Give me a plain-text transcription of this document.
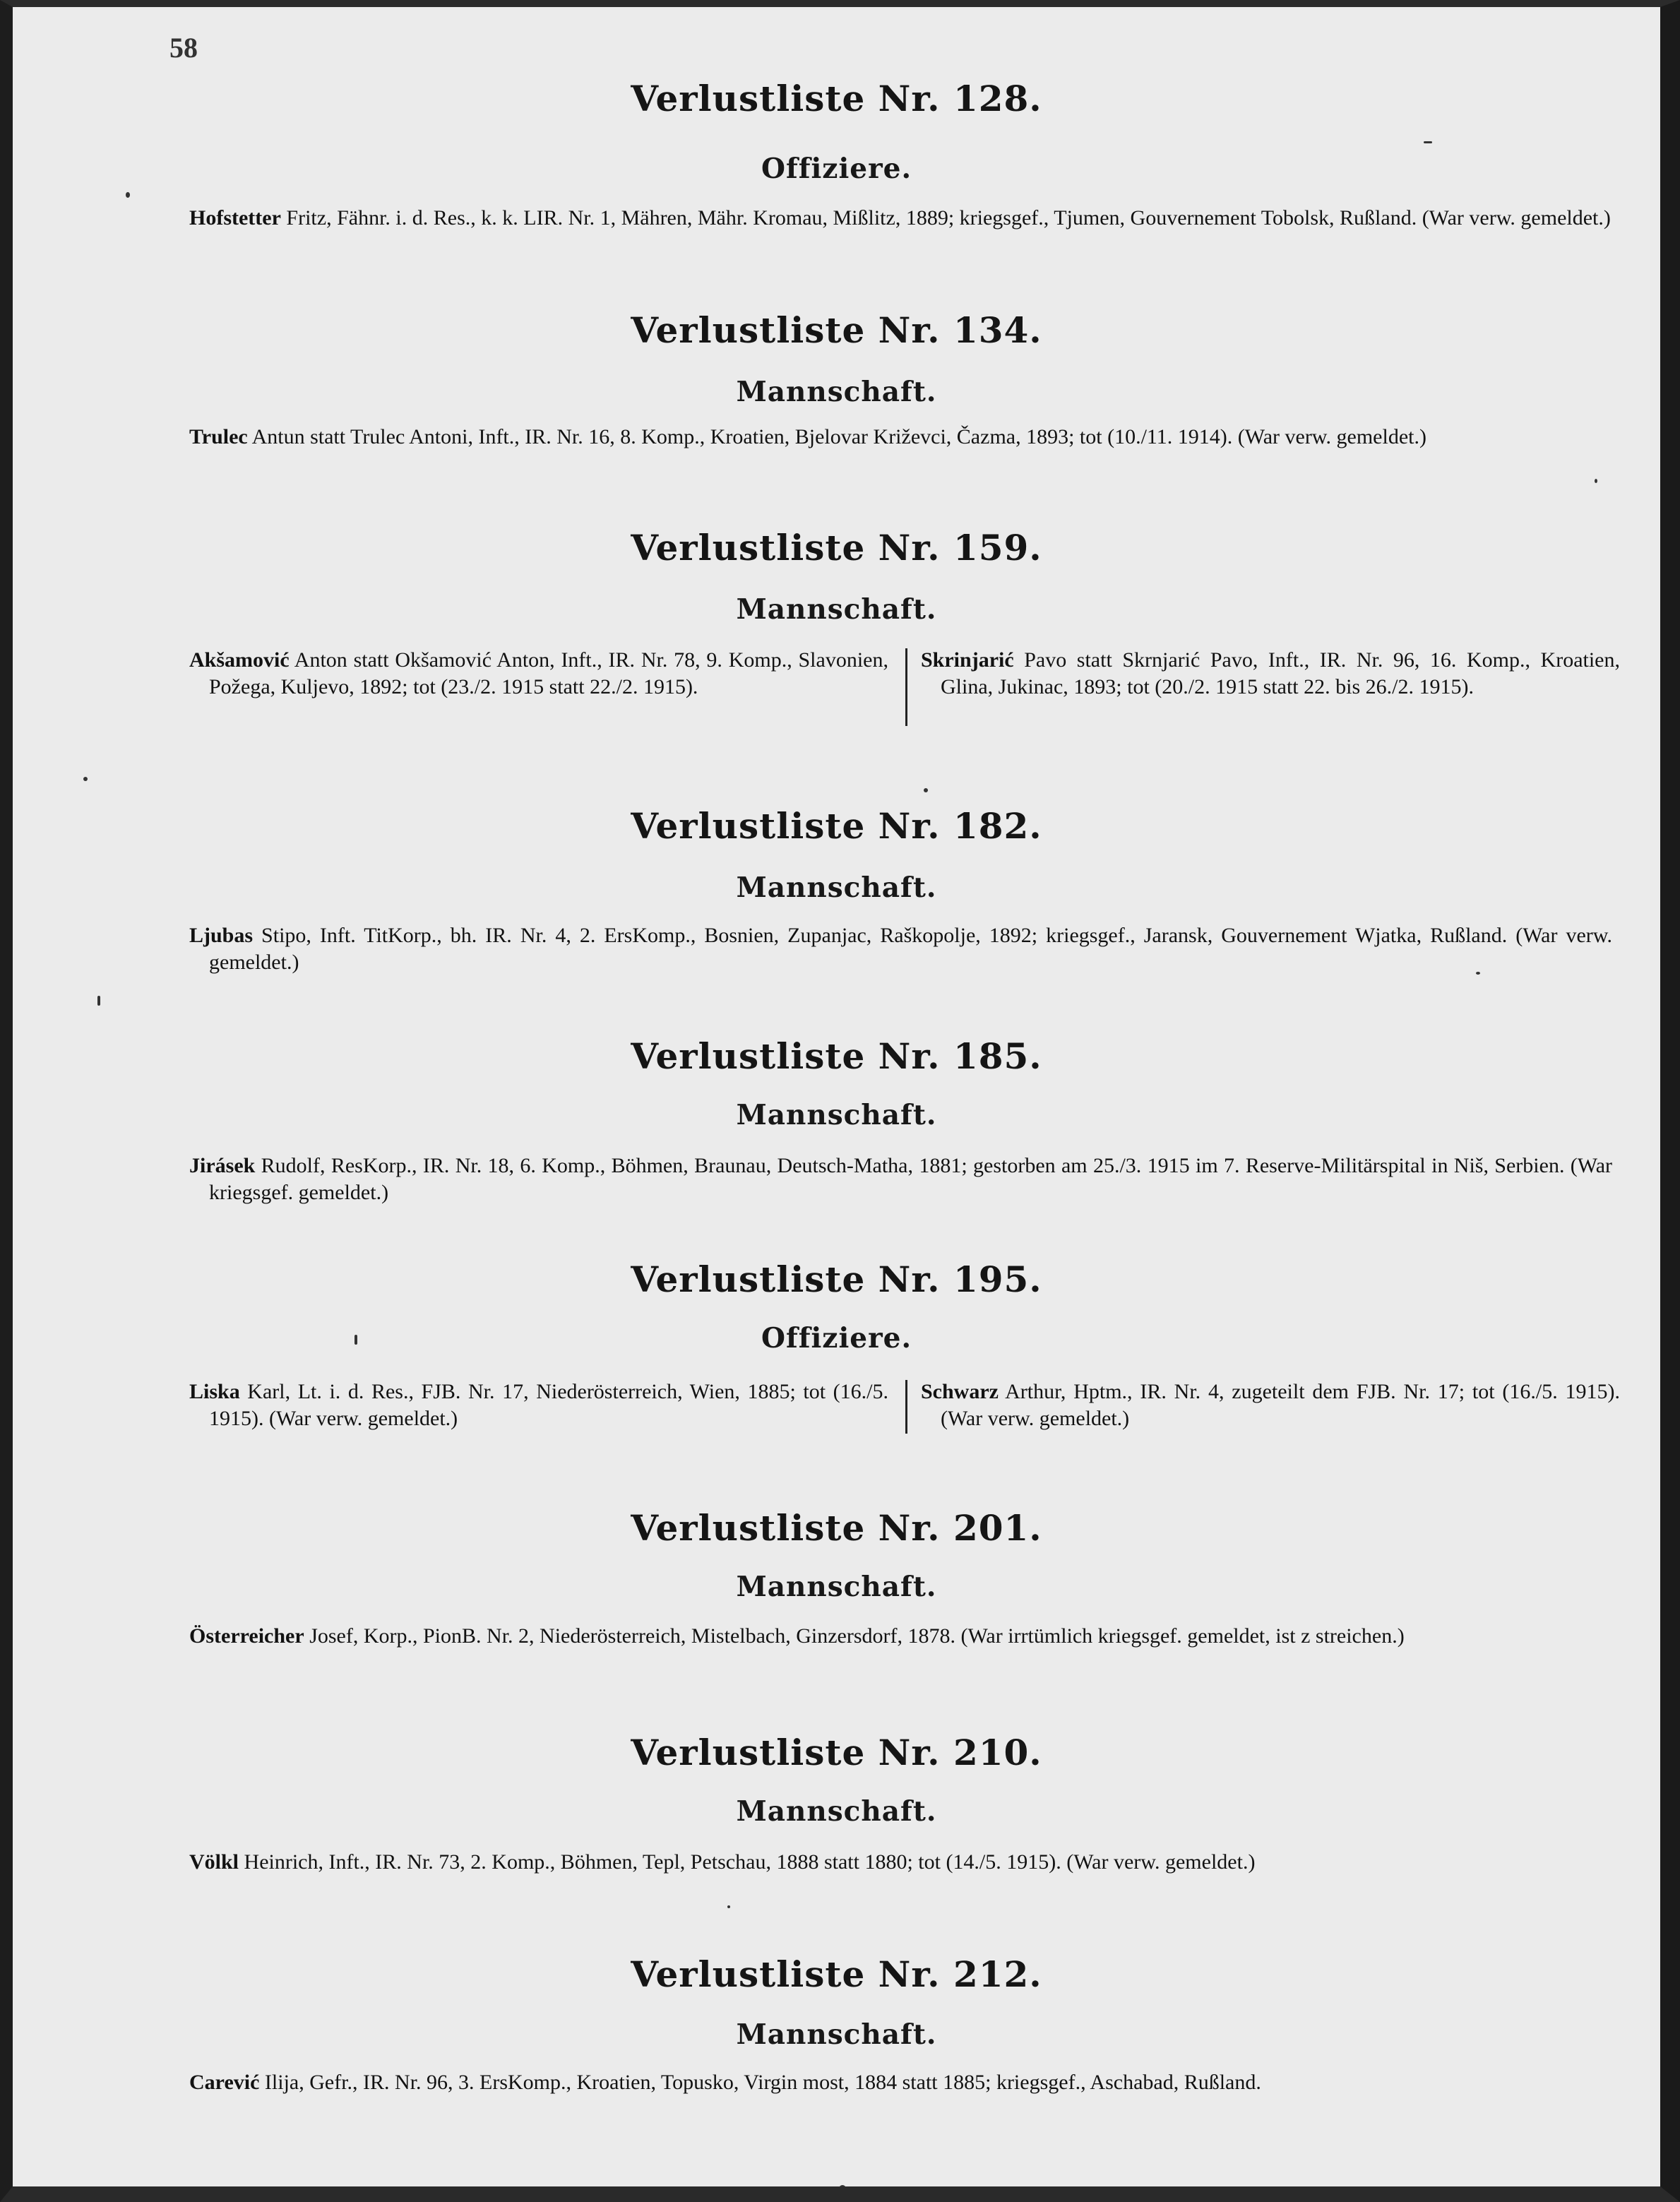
58
Verlustliste Nr. 128.
Offiziere.
Hofstetter Fritz, Fähnr. i. d. Res., k. k. LIR. Nr. 1, Mähren, Mähr. Kromau, Mißlitz, 1889; kriegsgef., Tjumen, Gouvernement Tobolsk, Rußland. (War verw. gemeldet.)
Verlustliste Nr. 134.
Mannschaft.
Trulec Antun statt Trulec Antoni, Inft., IR. Nr. 16, 8. Komp., Kroatien, Bjelovar Križevci, Čazma, 1893; tot (10./11. 1914). (War verw. gemeldet.)
Verlustliste Nr. 159.
Mannschaft.
Akšamović Anton statt Okšamović Anton, Inft., IR. Nr. 78, 9. Komp., Slavonien, Požega, Kuljevo, 1892; tot (23./2. 1915 statt 22./2. 1915).
Skrinjarić Pavo statt Skrnjarić Pavo, Inft., IR. Nr. 96, 16. Komp., Kroatien, Glina, Jukinac, 1893; tot (20./2. 1915 statt 22. bis 26./2. 1915).
Verlustliste Nr. 182.
Mannschaft.
Ljubas Stipo, Inft. TitKorp., bh. IR. Nr. 4, 2. ErsKomp., Bosnien, Zupanjac, Raškopolje, 1892; kriegsgef., Jaransk, Gouvernement Wjatka, Rußland. (War verw. gemeldet.)
Verlustliste Nr. 185.
Mannschaft.
Jirásek Rudolf, ResKorp., IR. Nr. 18, 6. Komp., Böhmen, Braunau, Deutsch-Matha, 1881; gestorben am 25./3. 1915 im 7. Reserve-Militärspital in Niš, Serbien. (War kriegsgef. gemeldet.)
Verlustliste Nr. 195.
Offiziere.
Liska Karl, Lt. i. d. Res., FJB. Nr. 17, Niederösterreich, Wien, 1885; tot (16./5. 1915). (War verw. gemeldet.)
Schwarz Arthur, Hptm., IR. Nr. 4, zugeteilt dem FJB. Nr. 17; tot (16./5. 1915). (War verw. gemeldet.)
Verlustliste Nr. 201.
Mannschaft.
Österreicher Josef, Korp., PionB. Nr. 2, Niederösterreich, Mistelbach, Ginzersdorf, 1878. (War irrtümlich kriegsgef. gemeldet, ist z streichen.)
Verlustliste Nr. 210.
Mannschaft.
Völkl Heinrich, Inft., IR. Nr. 73, 2. Komp., Böhmen, Tepl, Petschau, 1888 statt 1880; tot (14./5. 1915). (War verw. gemeldet.)
Verlustliste Nr. 212.
Mannschaft.
Carević Ilija, Gefr., IR. Nr. 96, 3. ErsKomp., Kroatien, Topusko, Virgin most, 1884 statt 1885; kriegsgef., Aschabad, Rußland.
